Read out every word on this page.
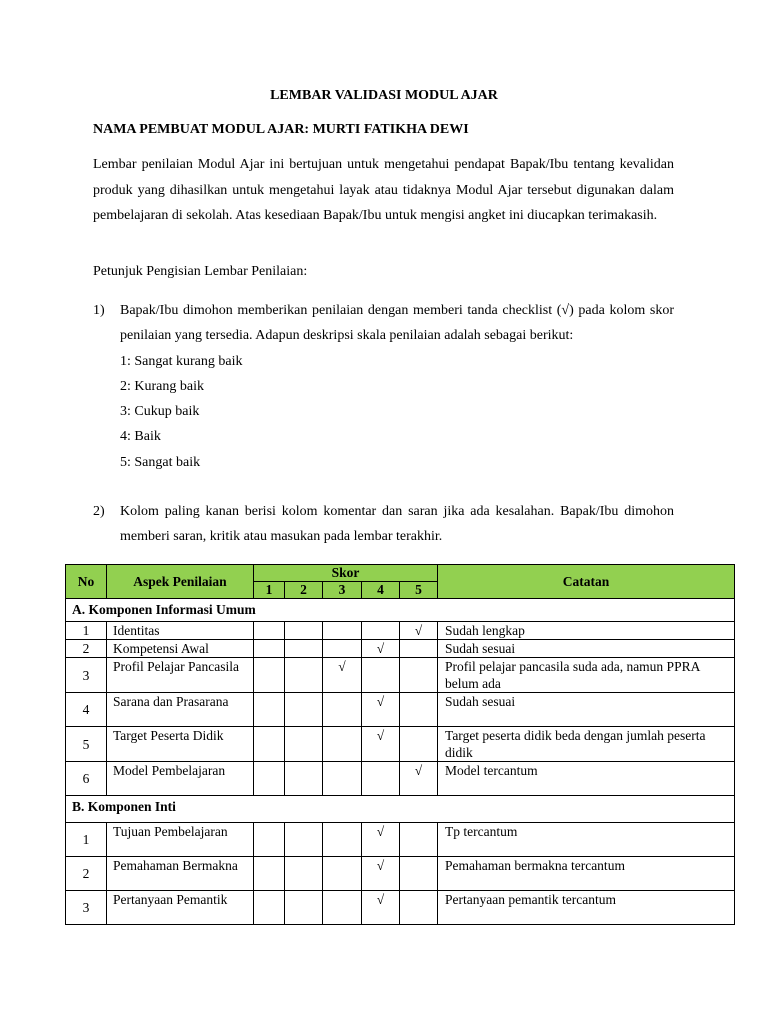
LEMBAR VALIDASI MODUL AJAR
NAMA PEMBUAT MODUL AJAR: MURTI FATIKHA DEWI

Lembar penilaian Modul Ajar ini bertujuan untuk mengetahui pendapat Bapak/Ibu tentang kevalidan produk yang dihasilkan untuk mengetahui layak atau tidaknya Modul Ajar tersebut digunakan dalam pembelajaran di sekolah. Atas kesediaan Bapak/Ibu untuk mengisi angket ini diucapkan terimakasih.

Petunjuk Pengisian Lembar Penilaian:
1) Bapak/Ibu dimohon memberikan penilaian dengan memberi tanda checklist (√) pada kolom skor penilaian yang tersedia. Adapun deskripsi skala penilaian adalah sebagai berikut:
1: Sangat kurang baik
2: Kurang baik
3: Cukup baik
4: Baik
5: Sangat baik
2) Kolom paling kanan berisi kolom komentar dan saran jika ada kesalahan. Bapak/Ibu dimohon memberi saran, kritik atau masukan pada lembar terakhir.
No	Aspek Penilaian	Skor					Catatan
		1	2	3	4	5	
A. Komponen Informasi Umum							
1	Identitas					√	Sudah lengkap
2	Kompetensi Awal				√		Sudah sesuai
3	Profil Pelajar Pancasila			√			Profil pelajar pancasila suda ada, namun PPRA belum ada
4	Sarana dan Prasarana				√		Sudah sesuai
5	Target Peserta Didik				√		Target peserta didik beda dengan jumlah peserta didik
6	Model Pembelajaran					√	Model tercantum
B. Komponen Inti							
1	Tujuan Pembelajaran				√		Tp tercantum
2	Pemahaman Bermakna				√		Pemahaman bermakna tercantum
3	Pertanyaan Pemantik				√		Pertanyaan pemantik tercantum
